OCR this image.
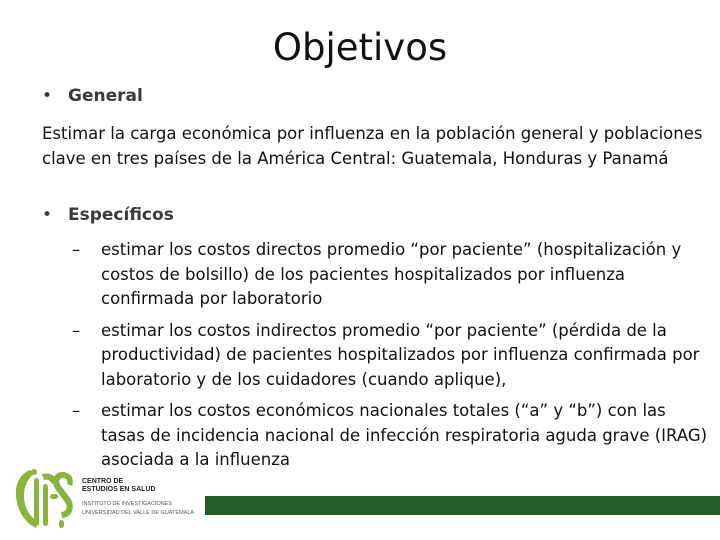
Objetivos
• General
Estimar la carga económica por influenza en la población general y poblaciones clave en tres países de la América Central: Guatemala, Honduras y Panamá
• Específicos
– estimar los costos directos promedio “por paciente” (hospitalización y costos de bolsillo) de los pacientes hospitalizados por influenza confirmada por laboratorio
– estimar los costos indirectos promedio “por paciente” (pérdida de la productividad) de pacientes hospitalizados por influenza confirmada por laboratorio y de los cuidadores (cuando aplique),
– estimar los costos económicos nacionales totales (“a” y “b”) con las tasas de incidencia nacional de infección respiratoria aguda grave (IRAG) asociada a la influenza
CENTRO DE
ESTUDIOS EN SALUD
INSTITUTO DE INVESTIGACIONES
UNIVERSIDAD DEL VALLE DE GUATEMALA
